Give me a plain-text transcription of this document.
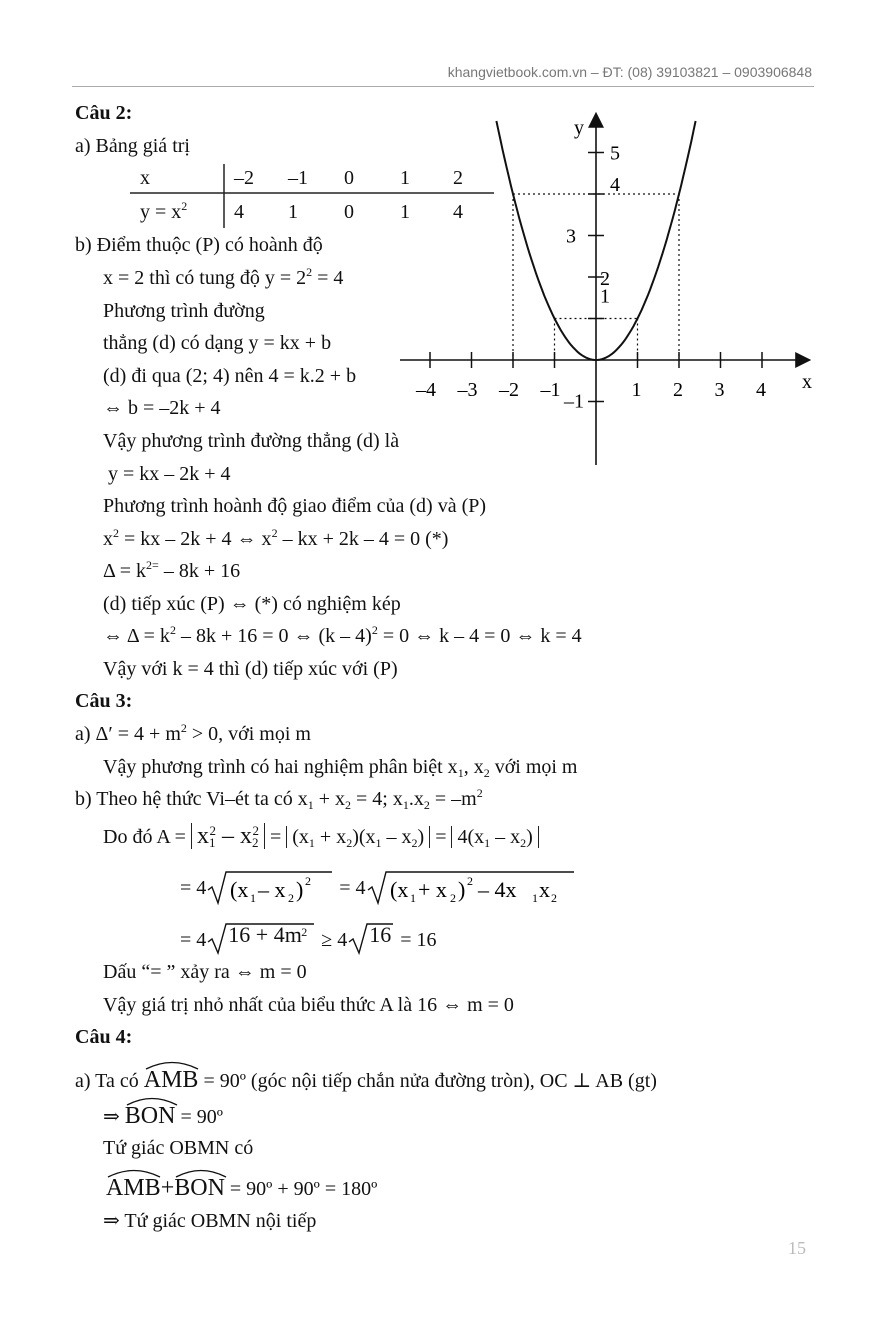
khangvietbook.com.vn – ĐT: (08) 39103821 – 0903906848
Câu 2:
a) Bảng giá trị
x	–2 –1 0 1 2
$y = x^2$ 4 1 0 1 4
b) Điểm thuộc (P) có hoành độ
x = 2 thì có tung độ $y = 2^2 = 4$
Phương trình đường
thẳng (d) có dạng y = kx + b
(d) đi qua (2; 4) nên 4 = k.2 + b
⇔ b = –2k + 4
Vậy phương trình đường thẳng (d) là
y = kx – 2k + 4
Phương trình hoành độ giao điểm của (d) và (P)
$x^2$ = kx – 2k + 4 ⇔ $x^2$ – kx + 2k – 4 = 0 (*)
$\Delta = k^{2=} - 8k + 16$
(d) tiếp xúc (P) ⇔ (*) có nghiệm kép
⇔ $\Delta = k^2 - 8k + 16 = 0$ ⇔ (k – 4)$^2$ = 0 ⇔ k – 4 = 0 ⇔ k = 4
Vậy với k = 4 thì (d) tiếp xúc với (P)
–4 –3 –2 –1	1 2 3 4
5
4
3
2
1
–1
x
y
Câu 3:
a) $\Delta' = 4 + m^2 > 0$, với mọi m
Vậy phương trình có hai nghiệm phân biệt $x_1$, $x_2$ với mọi m
b) Theo hệ thức Vi–ét ta có $x_1 + x_2 = 4$; $x_1.x_2 = -m^2$
Do đó $A = x_1^2 - x_2^2 = (x_1 + x_2)(x_1 - x_2) = 4(x_1 - x_2)$
= 4 (x 1 – x 2 ) 2 = 4 (x 1 + x 2 ) 2 – 4x 1 x 2
= 4 16 + 4m 2 ≥ 4 16 = 16
Dấu “= ” xảy ra ⇔ m = 0
Vậy giá trị nhỏ nhất của biểu thức A là 16 ⇔ m = 0
Câu 4:
a) Ta có AMB = 90º (góc nội tiếp chắn nửa đường tròn), OC ⊥ AB (gt)
⇒ BON = 90º
Tứ giác OBMN có
AMB+
BON = 90º + 90º = 180º
⇒ Tứ giác OBMN nội tiếp
15
